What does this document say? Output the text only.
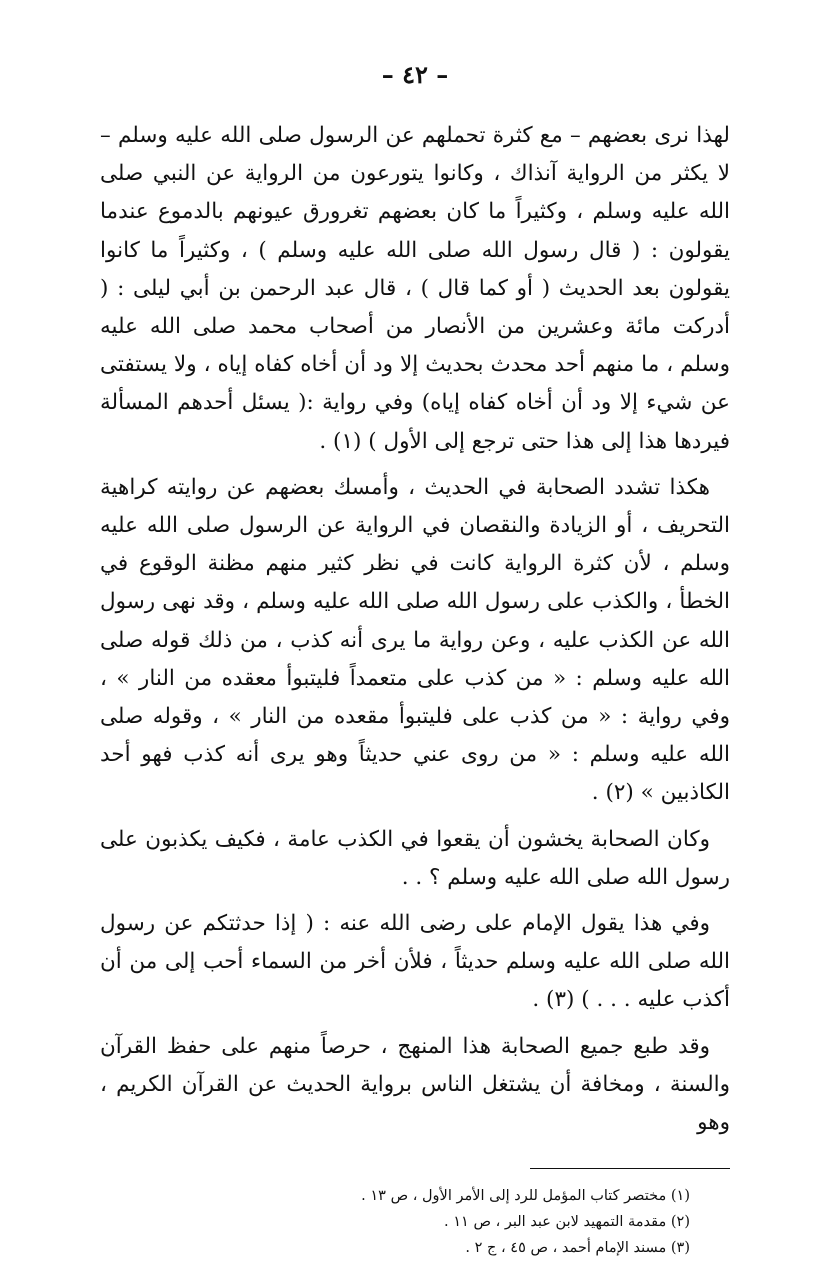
– ٤٢ –

لهذا نرى بعضهم – مع كثرة تحملهم عن الرسول صلى الله عليه وسلم – لا يكثر من الرواية آنذاك ، وكانوا يتورعون من الرواية عن النبي صلى الله عليه وسلم ، وكثيراً ما كان بعضهم تغرورق عيونهم بالدموع عندما يقولون : ( قال رسول الله صلى الله عليه وسلم ) ، وكثيراً ما كانوا يقولون بعد الحديث ( أو كما قال ) ، قال عبد الرحمن بن أبي ليلى : ( أدركت مائة وعشرين من الأنصار من أصحاب محمد صلى الله عليه وسلم ، ما منهم أحد محدث بحديث إلا ود أن أخاه كفاه إياه ، ولا يستفتى عن شيء إلا ود أن أخاه كفاه إياه) وفي رواية :( يسئل أحدهم المسألة فيردها هذا إلى هذا حتى ترجع إلى الأول ) (١) .

هكذا تشدد الصحابة في الحديث ، وأمسك بعضهم عن روايته كراهية التحريف ، أو الزيادة والنقصان في الرواية عن الرسول صلى الله عليه وسلم ، لأن كثرة الرواية كانت في نظر كثير منهم مظنة الوقوع في الخطأ ، والكذب على رسول الله صلى الله عليه وسلم ، وقد نهى رسول الله عن الكذب عليه ، وعن رواية ما يرى أنه كذب ، من ذلك قوله صلى الله عليه وسلم : « من كذب على متعمداً فليتبوأ معقده من النار » ، وفي رواية : « من كذب على فليتبوأ مقعده من النار » ، وقوله صلى الله عليه وسلم : « من روى عني حديثاً وهو يرى أنه كذب فهو أحد الكاذبين » (٢) .

وكان الصحابة يخشون أن يقعوا في الكذب عامة ، فكيف يكذبون على رسول الله صلى الله عليه وسلم ؟ . .

وفي هذا يقول الإمام على رضى الله عنه : ( إذا حدثتكم عن رسول الله صلى الله عليه وسلم حديثاً ، فلأن أخر من السماء أحب إلى من أن أكذب عليه . . . ) (٣) .

وقد طبع جميع الصحابة هذا المنهج ، حرصاً منهم على حفظ القرآن والسنة ، ومخافة أن يشتغل الناس برواية الحديث عن القرآن الكريم ، وهو

(١) مختصر كتاب المؤمل للرد إلى الأمر الأول ، ص ١٣ .
(٢) مقدمة التمهيد لابن عبد البر ، ص ١١ .
(٣) مسند الإمام أحمد ، ص ٤٥ ، ج ٢ .
